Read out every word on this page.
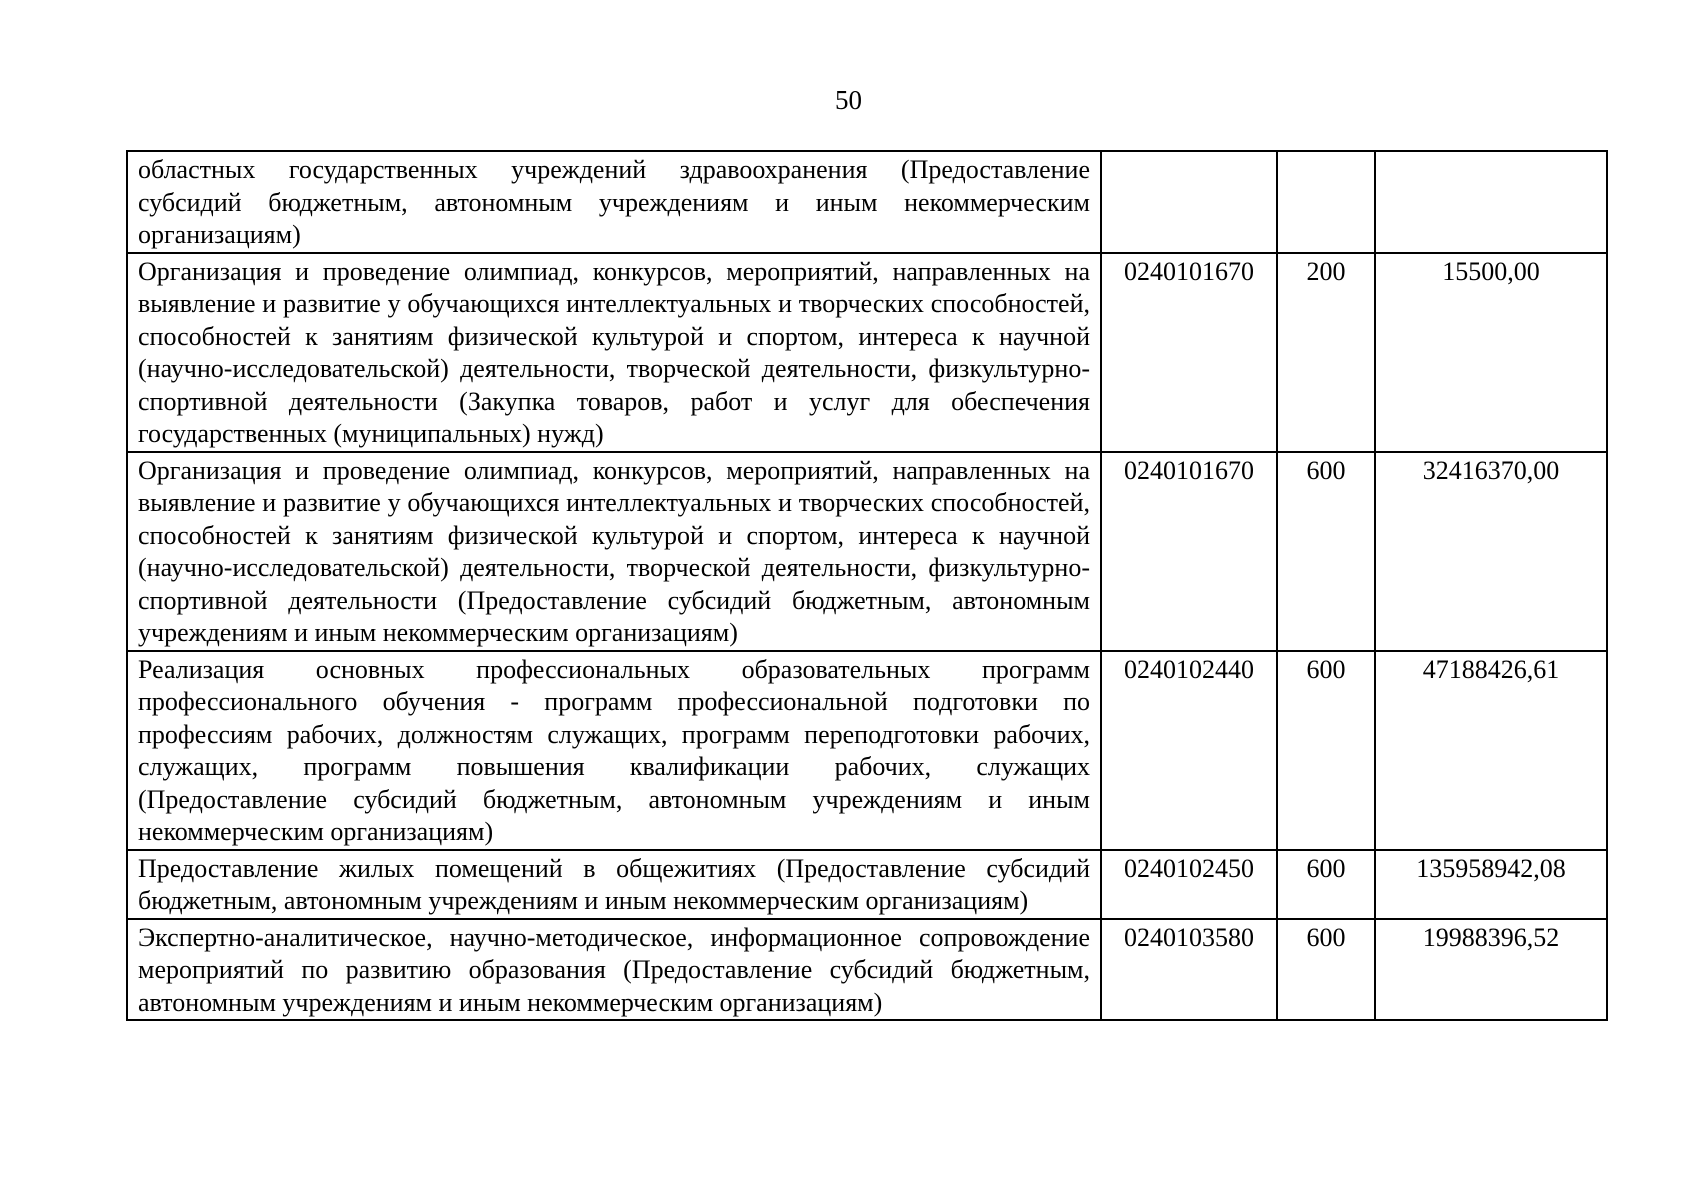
50
областных государственных учреждений здравоохранения (Предоставление субсидий бюджетным, автономным учреждениям и иным некоммерческим организациям)			
Организация и проведение олимпиад, конкурсов, мероприятий, направленных на выявление и развитие у обучающихся интеллектуальных и творческих способностей, способностей к занятиям физической культурой и спортом, интереса к научной (научно-исследовательской) деятельности, творческой деятельности, физкультурно-спортивной деятельности (Закупка товаров, работ и услуг для обеспечения государственных (муниципальных) нужд)	0240101670	200	15500,00
Организация и проведение олимпиад, конкурсов, мероприятий, направленных на выявление и развитие у обучающихся интеллектуальных и творческих способностей, способностей к занятиям физической культурой и спортом, интереса к научной (научно-исследовательской) деятельности, творческой деятельности, физкультурно-спортивной деятельности (Предоставление субсидий бюджетным, автономным учреждениям и иным некоммерческим организациям)	0240101670	600	32416370,00
Реализация основных профессиональных образовательных программ профессионального обучения - программ профессиональной подготовки по профессиям рабочих, должностям служащих, программ переподготовки рабочих, служащих, программ повышения квалификации рабочих, служащих (Предоставление субсидий бюджетным, автономным учреждениям и иным некоммерческим организациям)	0240102440	600	47188426,61
Предоставление жилых помещений в общежитиях (Предоставление субсидий бюджетным, автономным учреждениям и иным некоммерческим организациям)	0240102450	600	135958942,08
Экспертно-аналитическое, научно-методическое, информационное сопровождение мероприятий по развитию образования (Предоставление субсидий бюджетным, автономным учреждениям и иным некоммерческим организациям)	0240103580	600	19988396,52
